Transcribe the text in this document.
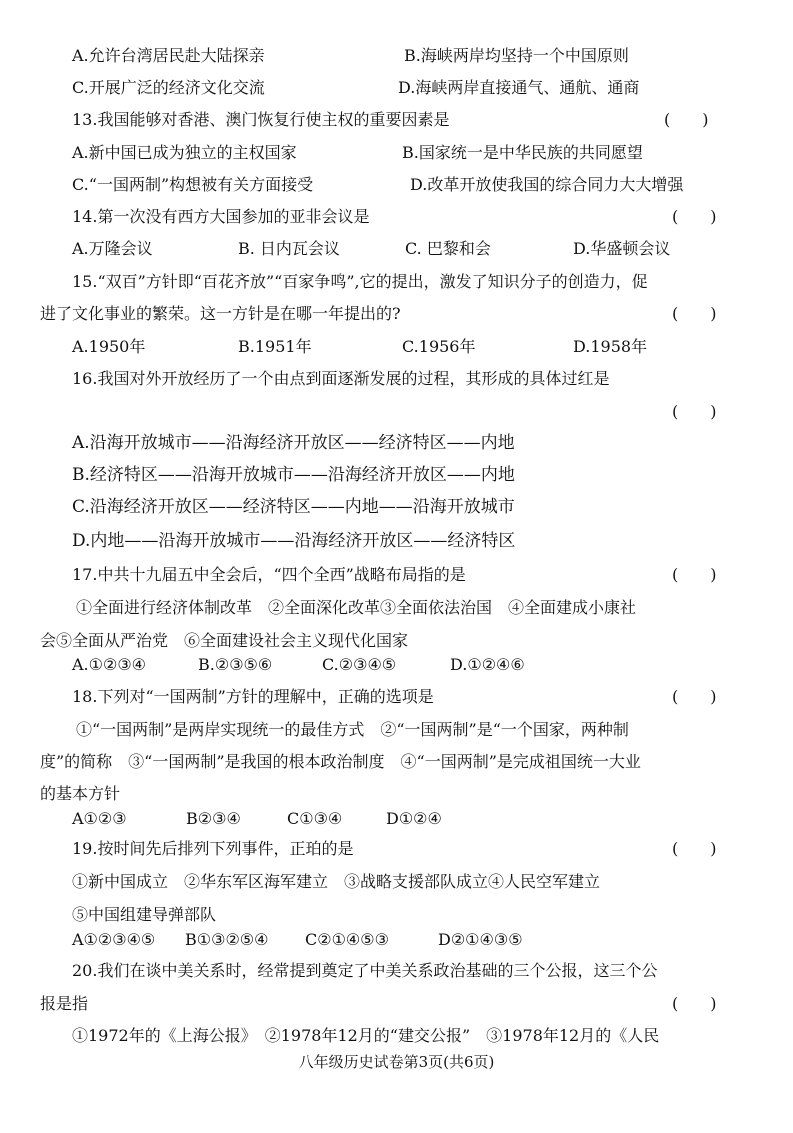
A.允许台湾居民赴大陆探亲	B.海峡两岸均坚持一个中国原则
C.开展广泛的经济文化交流	D.海峡两岸直接通气、通航、通商
13.我国能够对香港、澳门恢复行使主权的重要因素是	(　　)
A.新中国已成为独立的主权国家	B.国家统一是中华民族的共同愿望
C.“一国两制”构想被有关方面接受	D.改革开放使我国的综合同力大大增强
14.第一次没有西方大国参加的亚非会议是	(　　)
A.万隆会议	B. 日内瓦会议	C. 巴黎和会	D.华盛顿会议
15.“双百”方针即“百花齐放”“百家争鸣”,它的提出，激发了知识分子的创造力，促
进了文化事业的繁荣。这一方针是在哪一年提出的?	(　　)
A.1950年	B.1951年	C.1956年	D.1958年
16.我国对外开放经历了一个由点到面逐渐发展的过程，其形成的具体过红是
(　　)
A.沿海开放城市——沿海经济开放区——经济特区——内地
B.经济特区——沿海开放城市——沿海经济开放区——内地
C.沿海经济开放区——经济特区——内地——沿海开放城市
D.内地——沿海开放城市——沿海经济开放区——经济特区
17.中共十九届五中全会后，“四个全西”战略布局指的是	(　　)
①全面进行经济体制改革　②全面深化改革③全面依法治国　④全面建成小康社
会⑤全面从严治党　⑥全面建设社会主义现代化国家
A.①②③④	B.②③⑤⑥	C.②③④⑤	D.①②④⑥
18.下列对“一国两制”方针的理解中，正确的选项是	(　　)
①“一国两制”是两岸实现统一的最佳方式　②“一国两制”是“一个国家，两种制
度”的简称　③“一国两制”是我国的根本政治制度　④“一国两制”是完成祖国统一大业
的基本方针
A①②③	B②③④	C①③④	D①②④
19.按时间先后排列下列事件，正珀的是	(　　)
①新中国成立　②华东军区海军建立　③战略支援部队成立④人民空军建立
⑤中国组建导弹部队
A①②③④⑤ B①③②⑤④ C②①④⑤③	D②①④③⑤
20.我们在谈中美关系时，经常提到奠定了中美关系政治基础的三个公报，这三个公
报是指	(　　)
①1972年的《上海公报》　②1978年12月的“建交公报”　③1978年12月的《人民
八年级历史试卷第3页(共6页)
